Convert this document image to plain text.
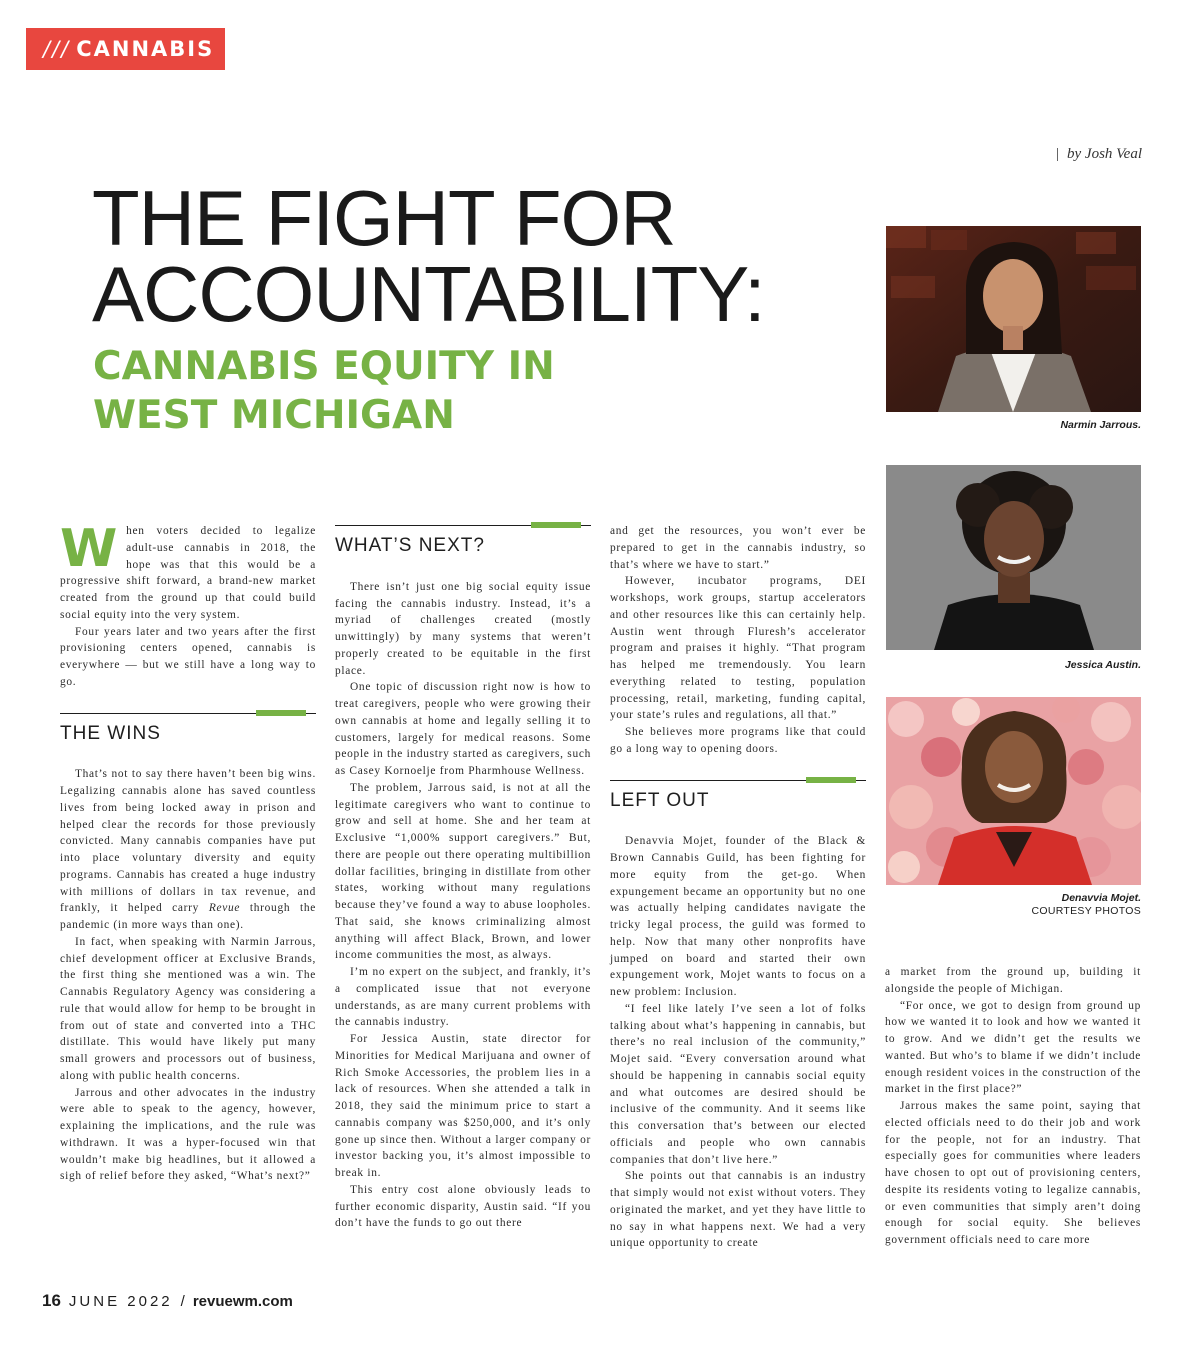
/// CANNABIS
| by Josh Veal
THE FIGHT FOR
ACCOUNTABILITY:
CANNABIS EQUITY IN
WEST MICHIGAN
W hen voters decided to legalize adult-use cannabis in 2018, the hope was that this would be a progressive shift forward, a brand-new market created from the ground up that could build social equity into the very system.

Four years later and two years after the first provisioning centers opened, cannabis is everywhere — but we still have a long way to go.

THE WINS

That’s not to say there haven’t been big wins. Legalizing cannabis alone has saved countless lives from being locked away in prison and helped clear the records for those previously convicted. Many cannabis companies have put into place voluntary diversity and equity programs. Cannabis has created a huge industry with millions of dollars in tax revenue, and frankly, it helped carry Revue through the pandemic (in more ways than one).

In fact, when speaking with Narmin Jarrous, chief development officer at Exclusive Brands, the first thing she mentioned was a win. The Cannabis Regulatory Agency was considering a rule that would allow for hemp to be brought in from out of state and converted into a THC distillate. This would have likely put many small growers and processors out of business, along with public health concerns.

Jarrous and other advocates in the industry were able to speak to the agency, however, explaining the implications, and the rule was withdrawn. It was a hyper-focused win that wouldn’t make big headlines, but it allowed a sigh of relief before they asked, “What’s next?”

WHAT’S NEXT?

There isn’t just one big social equity issue facing the cannabis industry. Instead, it’s a myriad of challenges created (mostly unwittingly) by many systems that weren’t properly created to be equitable in the first place.

One topic of discussion right now is how to treat caregivers, people who were growing their own cannabis at home and legally selling it to customers, largely for medical reasons. Some people in the industry started as caregivers, such as Casey Kornoelje from Pharmhouse Wellness.

The problem, Jarrous said, is not at all the legitimate caregivers who want to continue to grow and sell at home. She and her team at Exclusive “1,000% support caregivers.” But, there are people out there operating multibillion dollar facilities, bringing in distillate from other states, working without many regulations because they’ve found a way to abuse loopholes. That said, she knows criminalizing almost anything will affect Black, Brown, and lower income communities the most, as always.

I’m no expert on the subject, and frankly, it’s a complicated issue that not everyone understands, as are many current problems with the cannabis industry.

For Jessica Austin, state director for Minorities for Medical Marijuana and owner of Rich Smoke Accessories, the problem lies in a lack of resources. When she attended a talk in 2018, they said the minimum price to start a cannabis company was $250,000, and it’s only gone up since then. Without a larger company or investor backing you, it’s almost impossible to break in.

This entry cost alone obviously leads to further economic disparity, Austin said. “If you don’t have the funds to go out there

and get the resources, you won’t ever be prepared to get in the cannabis industry, so that’s where we have to start.”

However, incubator programs, DEI workshops, work groups, startup accelerators and other resources like this can certainly help. Austin went through Fluresh’s accelerator program and praises it highly. “That program has helped me tremendously. You learn everything related to testing, population processing, retail, marketing, funding capital, your state’s rules and regulations, all that.”

She believes more programs like that could go a long way to opening doors.

LEFT OUT

Denavvia Mojet, founder of the Black & Brown Cannabis Guild, has been fighting for more equity from the get-go. When expungement became an opportunity but no one was actually helping candidates navigate the tricky legal process, the guild was formed to help. Now that many other nonprofits have jumped on board and started their own expungement work, Mojet wants to focus on a new problem: Inclusion.

“I feel like lately I’ve seen a lot of folks talking about what’s happening in cannabis, but there’s no real inclusion of the community,” Mojet said. “Every conversation around what should be happening in cannabis social equity and what outcomes are desired should be inclusive of the community. And it seems like this conversation that’s between our elected officials and people who own cannabis companies that don’t live here.”

She points out that cannabis is an industry that simply would not exist without voters. They originated the market, and yet they have little to no say in what happens next. We had a very unique opportunity to create

a market from the ground up, building it alongside the people of Michigan.

“For once, we got to design from ground up how we wanted it to look and how we wanted it to grow. And we didn’t get the results we wanted. But who’s to blame if we didn’t include enough resident voices in the construction of the market in the first place?”

Jarrous makes the same point, saying that elected officials need to do their job and work for the people, not for an industry. That especially goes for communities where leaders have chosen to opt out of provisioning centers, despite its residents voting to legalize cannabis, or even communities that simply aren’t doing enough for social equity. She believes government officials need to care more

Narmin Jarrous.
Jessica Austin.
Denavvia Mojet.
COURTESY PHOTOS
16 JUNE 2022 / revuewm.com
